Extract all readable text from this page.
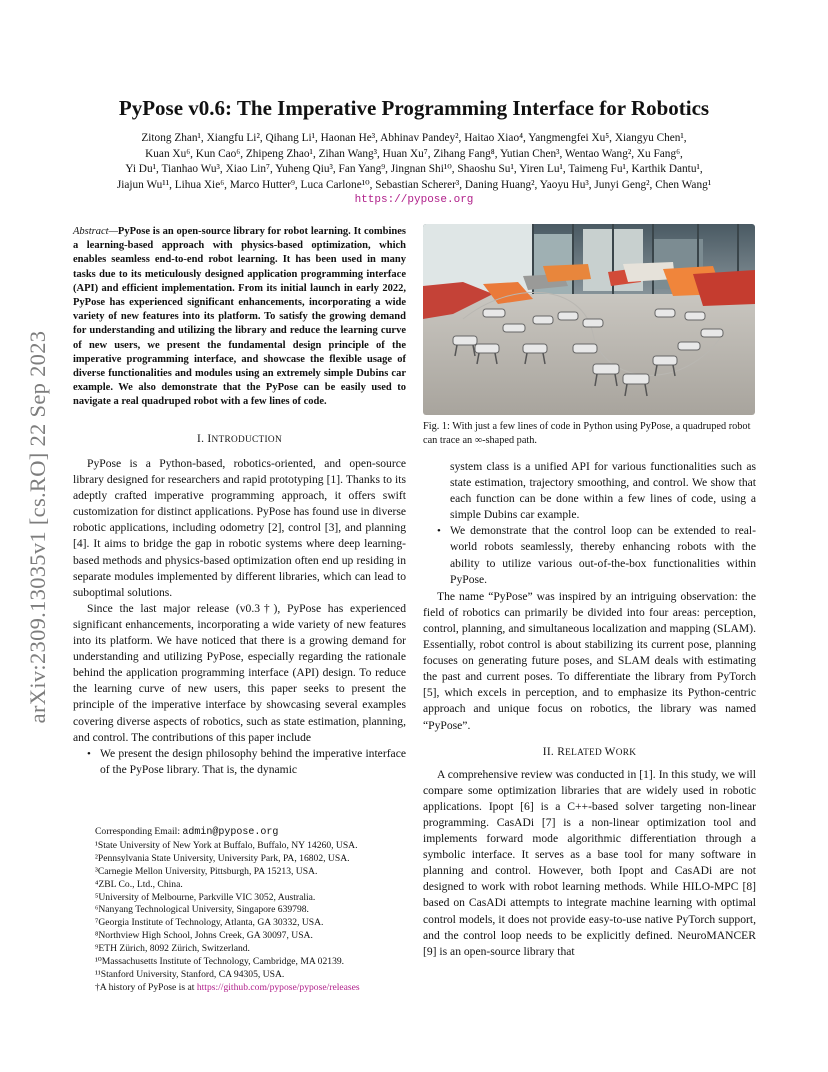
arXiv:2309.13035v1 [cs.RO] 22 Sep 2023
PyPose v0.6: The Imperative Programming Interface for Robotics
Zitong Zhan¹, Xiangfu Li², Qihang Li¹, Haonan He³, Abhinav Pandey², Haitao Xiao⁴, Yangmengfei Xu⁵, Xiangyu Chen¹,
Kuan Xu⁶, Kun Cao⁶, Zhipeng Zhao¹, Zihan Wang³, Huan Xu⁷, Zihang Fang⁸, Yutian Chen³, Wentao Wang², Xu Fang⁶,
Yi Du¹, Tianhao Wu³, Xiao Lin⁷, Yuheng Qiu³, Fan Yang⁹, Jingnan Shi¹⁰, Shaoshu Su¹, Yiren Lu¹, Taimeng Fu¹, Karthik Dantu¹,
Jiajun Wu¹¹, Lihua Xie⁶, Marco Hutter⁹, Luca Carlone¹⁰, Sebastian Scherer³, Daning Huang², Yaoyu Hu³, Junyi Geng², Chen Wang¹
https://pypose.org
Abstract—PyPose is an open-source library for robot learning. It combines a learning-based approach with physics-based optimization, which enables seamless end-to-end robot learning. It has been used in many tasks due to its meticulously designed application programming interface (API) and efficient implementation. From its initial launch in early 2022, PyPose has experienced significant enhancements, incorporating a wide variety of new features into its platform. To satisfy the growing demand for understanding and utilizing the library and reduce the learning curve of new users, we present the fundamental design principle of the imperative programming interface, and showcase the flexible usage of diverse functionalities and modules using an extremely simple Dubins car example. We also demonstrate that the PyPose can be easily used to navigate a real quadruped robot with a few lines of code.
I. INTRODUCTION

PyPose is a Python-based, robotics-oriented, and open-source library designed for researchers and rapid prototyping [1]. Thanks to its adeptly crafted imperative programming approach, it offers swift customization for distinct applications. PyPose has found use in diverse robotic applications, including odometry [2], control [3], and planning [4]. It aims to bridge the gap in robotic systems where deep learning-based methods and physics-based optimization often end up residing in separate modules implemented by different libraries, which can lead to suboptimal solutions.

Since the last major release (v0.3†), PyPose has experienced significant enhancements, incorporating a wide variety of new features into its platform. We have noticed that there is a growing demand for understanding and utilizing PyPose, especially regarding the rationale behind the application programming interface (API) design. To reduce the learning curve of new users, this paper seeks to present the principle of the imperative interface by showcasing several examples covering diverse aspects of robotics, such as state estimation, planning, and control. The contributions of this paper include

• We present the design philosophy behind the imperative interface of the PyPose library. That is, the dynamic
Corresponding Email: admin@pypose.org
¹State University of New York at Buffalo, Buffalo, NY 14260, USA.
²Pennsylvania State University, University Park, PA, 16802, USA.
³Carnegie Mellon University, Pittsburgh, PA 15213, USA.
⁴ZBL Co., Ltd., China.
⁵University of Melbourne, Parkville VIC 3052, Australia.
⁶Nanyang Technological University, Singapore 639798.
⁷Georgia Institute of Technology, Atlanta, GA 30332, USA.
⁸Northview High School, Johns Creek, GA 30097, USA.
⁹ETH Zürich, 8092 Zürich, Switzerland.
¹⁰Massachusetts Institute of Technology, Cambridge, MA 02139.
¹¹Stanford University, Stanford, CA 94305, USA.
†A history of PyPose is at https://github.com/pypose/pypose/releases
Fig. 1: With just a few lines of code in Python using PyPose, a quadruped robot can trace an ∞-shaped path.
system class is a unified API for various functionalities such as state estimation, trajectory smoothing, and control. We show that each function can be done within a few lines of code, using a simple Dubins car example.
• We demonstrate that the control loop can be extended to real-world robots seamlessly, thereby enhancing robots with the ability to utilize various out-of-the-box functionalities within PyPose.

The name “PyPose” was inspired by an intriguing observation: the field of robotics can primarily be divided into four areas: perception, control, planning, and simultaneous localization and mapping (SLAM). Essentially, robot control is about stabilizing its current pose, planning focuses on generating future poses, and SLAM deals with estimating the past and current poses. To differentiate the library from PyTorch [5], which excels in perception, and to emphasize its Python-centric approach and unique focus on robotics, the library was named “PyPose”.

II. RELATED WORK

A comprehensive review was conducted in [1]. In this study, we will compare some optimization libraries that are widely used in robotic applications. Ipopt [6] is a C++-based solver targeting non-linear programming. CasADi [7] is a non-linear optimization tool and implements forward mode algorithmic differentiation through a symbolic interface. It serves as a base tool for many software in planning and control. However, both Ipopt and CasADi are not designed to work with robot learning methods. While HILO-MPC [8] based on CasADi attempts to integrate machine learning with optimal control models, it does not provide easy-to-use native PyTorch support, and the control loop needs to be explicitly defined. NeuroMANCER [9] is an open-source library that
